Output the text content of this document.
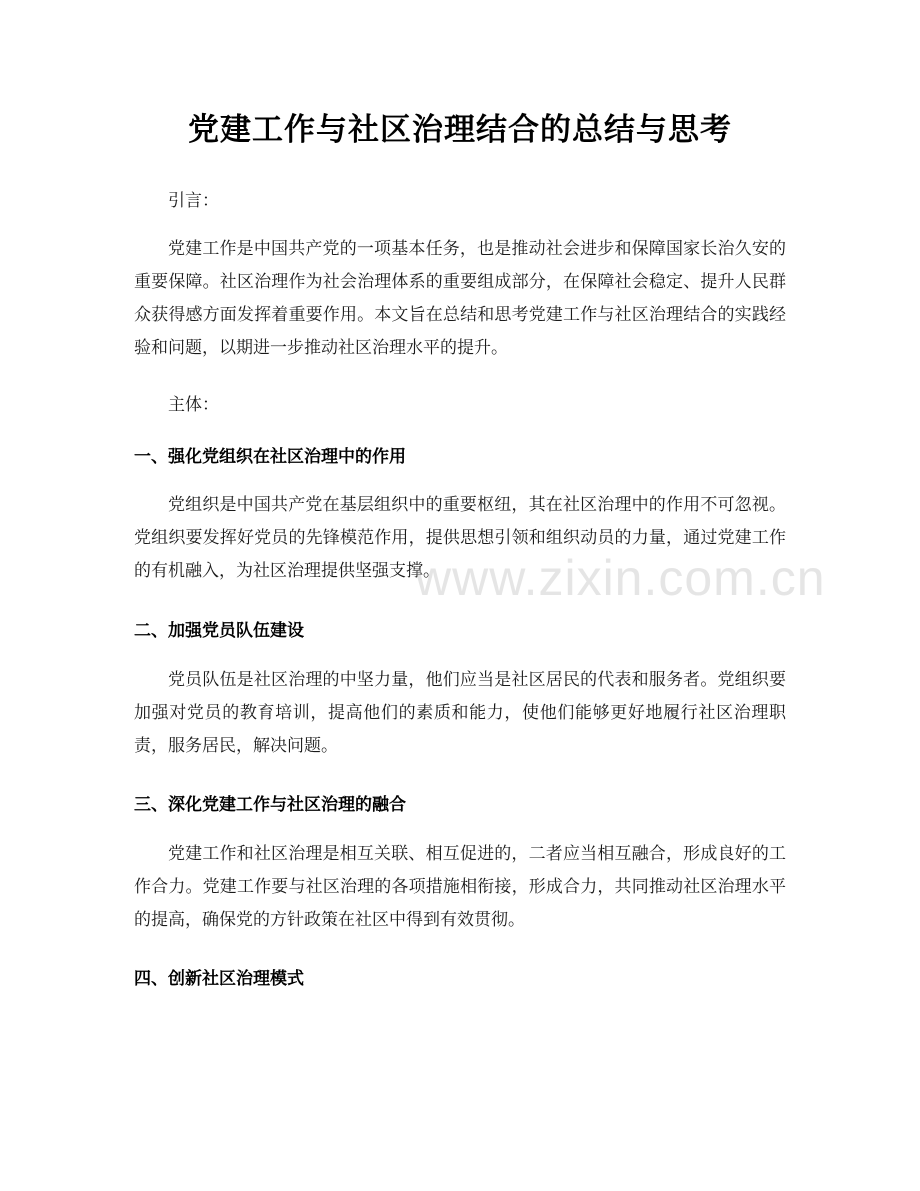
党建工作与社区治理结合的总结与思考

引言：

党建工作是中国共产党的一项基本任务，也是推动社会进步和保障国家长治久安的重要保障。社区治理作为社会治理体系的重要组成部分，在保障社会稳定、提升人民群众获得感方面发挥着重要作用。本文旨在总结和思考党建工作与社区治理结合的实践经验和问题，以期进一步推动社区治理水平的提升。

主体：

一、强化党组织在社区治理中的作用

党组织是中国共产党在基层组织中的重要枢纽，其在社区治理中的作用不可忽视。党组织要发挥好党员的先锋模范作用，提供思想引领和组织动员的力量，通过党建工作的有机融入，为社区治理提供坚强支撑。

二、加强党员队伍建设

党员队伍是社区治理的中坚力量，他们应当是社区居民的代表和服务者。党组织要加强对党员的教育培训，提高他们的素质和能力，使他们能够更好地履行社区治理职责，服务居民，解决问题。

三、深化党建工作与社区治理的融合

党建工作和社区治理是相互关联、相互促进的，二者应当相互融合，形成良好的工作合力。党建工作要与社区治理的各项措施相衔接，形成合力，共同推动社区治理水平的提高，确保党的方针政策在社区中得到有效贯彻。

四、创新社区治理模式
www.zixin.com.cn
